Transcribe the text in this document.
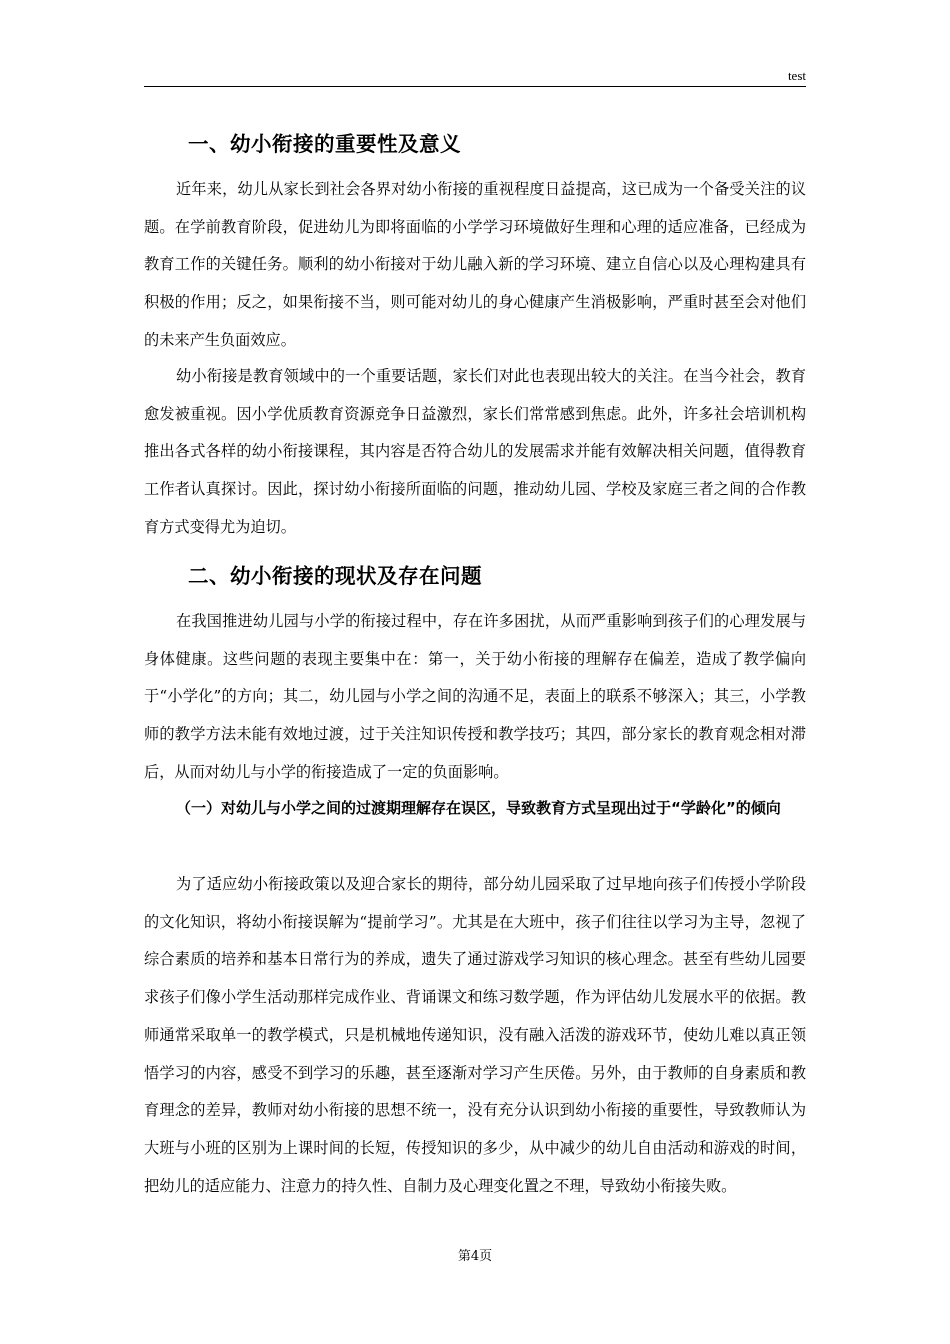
test
一、幼小衔接的重要性及意义

近年来，幼儿从家长到社会各界对幼小衔接的重视程度日益提高，这已成为一个备受关注的议题。在学前教育阶段，促进幼儿为即将面临的小学学习环境做好生理和心理的适应准备，已经成为教育工作的关键任务。顺利的幼小衔接对于幼儿融入新的学习环境、建立自信心以及心理构建具有积极的作用；反之，如果衔接不当，则可能对幼儿的身心健康产生消极影响，严重时甚至会对他们的未来产生负面效应。

幼小衔接是教育领域中的一个重要话题，家长们对此也表现出较大的关注。在当今社会，教育愈发被重视。因小学优质教育资源竞争日益激烈，家长们常常感到焦虑。此外，许多社会培训机构推出各式各样的幼小衔接课程，其内容是否符合幼儿的发展需求并能有效解决相关问题，值得教育工作者认真探讨。因此，探讨幼小衔接所面临的问题，推动幼儿园、学校及家庭三者之间的合作教育方式变得尤为迫切。

二、幼小衔接的现状及存在问题

在我国推进幼儿园与小学的衔接过程中，存在许多困扰，从而严重影响到孩子们的心理发展与身体健康。这些问题的表现主要集中在：第一，关于幼小衔接的理解存在偏差，造成了教学偏向于“小学化”的方向；其二，幼儿园与小学之间的沟通不足，表面上的联系不够深入；其三，小学教师的教学方法未能有效地过渡，过于关注知识传授和教学技巧；其四，部分家长的教育观念相对滞后，从而对幼儿与小学的衔接造成了一定的负面影响。

（一）对幼儿与小学之间的过渡期理解存在误区，导致教育方式呈现出过于“学龄化”的倾向

为了适应幼小衔接政策以及迎合家长的期待，部分幼儿园采取了过早地向孩子们传授小学阶段的文化知识，将幼小衔接误解为“提前学习”。尤其是在大班中，孩子们往往以学习为主导，忽视了综合素质的培养和基本日常行为的养成，遗失了通过游戏学习知识的核心理念。甚至有些幼儿园要求孩子们像小学生活动那样完成作业、背诵课文和练习数学题，作为评估幼儿发展水平的依据。教师通常采取单一的教学模式，只是机械地传递知识，没有融入活泼的游戏环节，使幼儿难以真正领悟学习的内容，感受不到学习的乐趣，甚至逐渐对学习产生厌倦。另外，由于教师的自身素质和教育理念的差异，教师对幼小衔接的思想不统一，没有充分认识到幼小衔接的重要性，导致教师认为大班与小班的区别为上课时间的长短，传授知识的多少，从中减少的幼儿自由活动和游戏的时间，把幼儿的适应能力、注意力的持久性、自制力及心理变化置之不理，导致幼小衔接失败。

第4页
